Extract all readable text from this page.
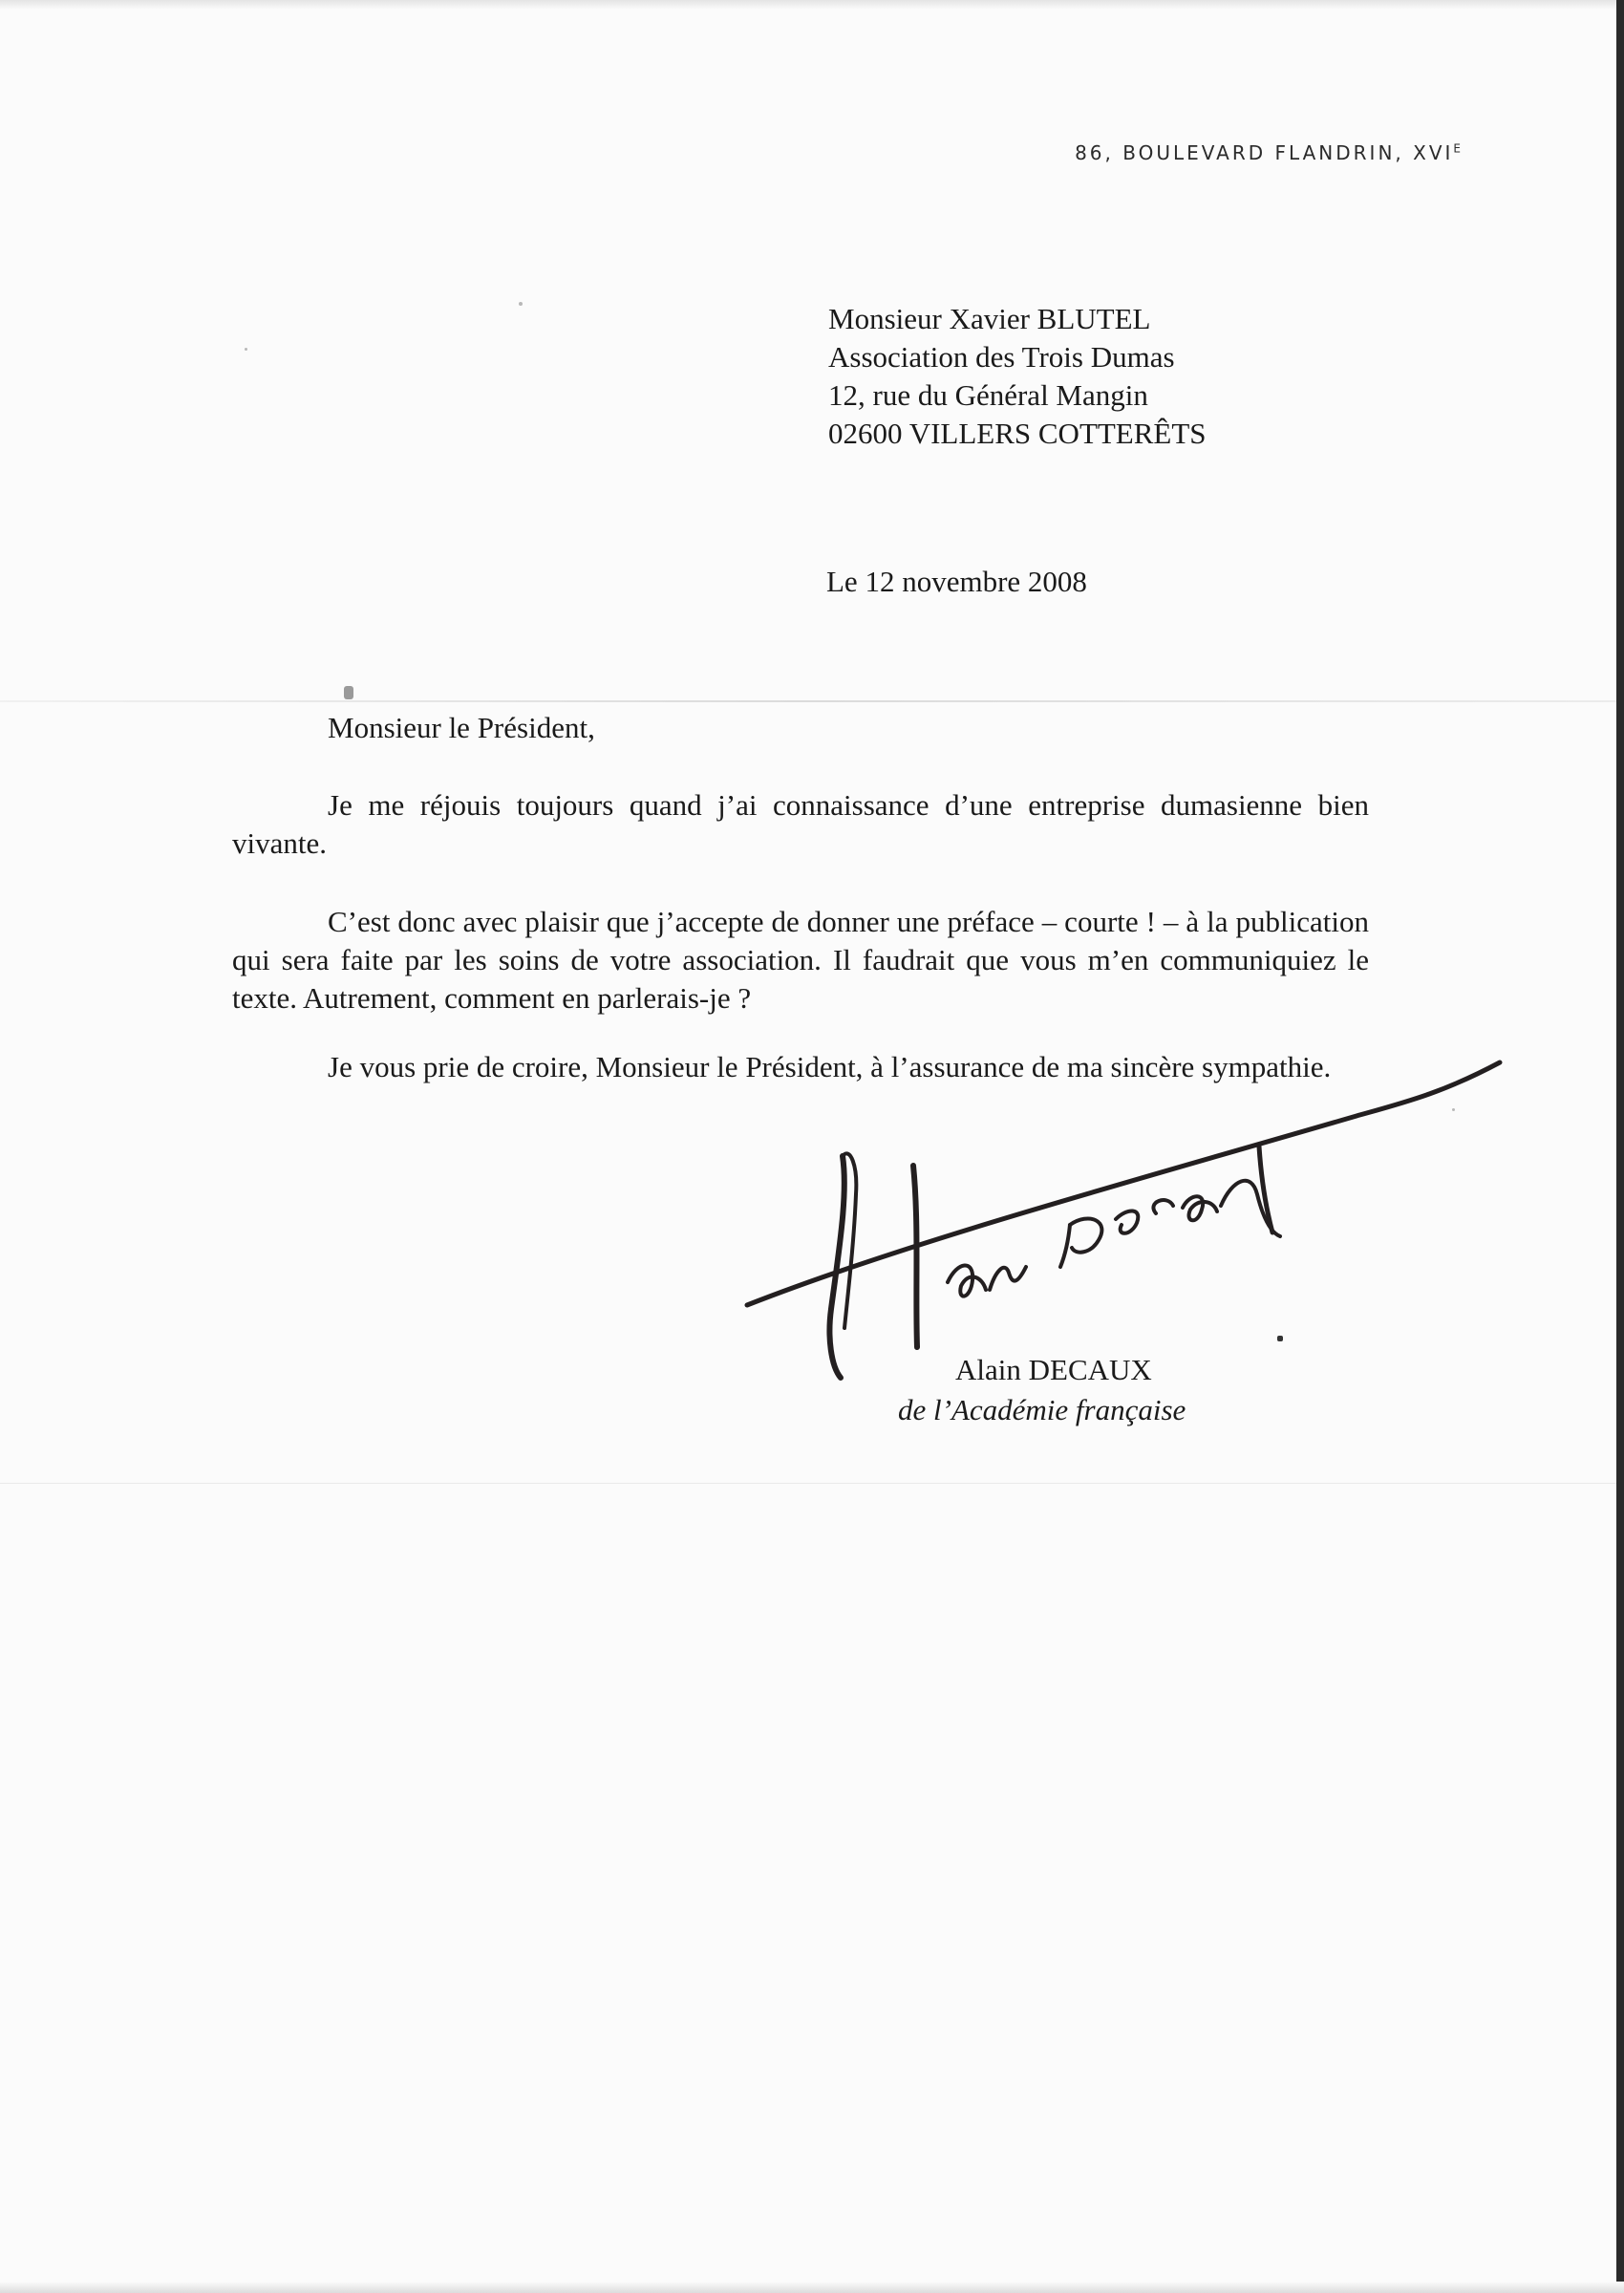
86, BOULEVARD FLANDRIN, $XVI^E$
Monsieur Xavier BLUTEL
Association des Trois Dumas
12, rue du Général Mangin
02600 VILLERS COTTERÊTS
Le 12 novembre 2008
Monsieur le Président,
Je me réjouis toujours quand j’ai connaissance d’une entreprise dumasienne bien vivante.
C’est donc avec plaisir que j’accepte de donner une préface – courte ! – à la publication qui sera faite par les soins de votre association. Il faudrait que vous m’en communiquiez le texte. Autrement, comment en parlerais-je ?
Je vous prie de croire, Monsieur le Président, à l’assurance de ma sincère sympathie.
Alain DECAUX
de l’Académie française
